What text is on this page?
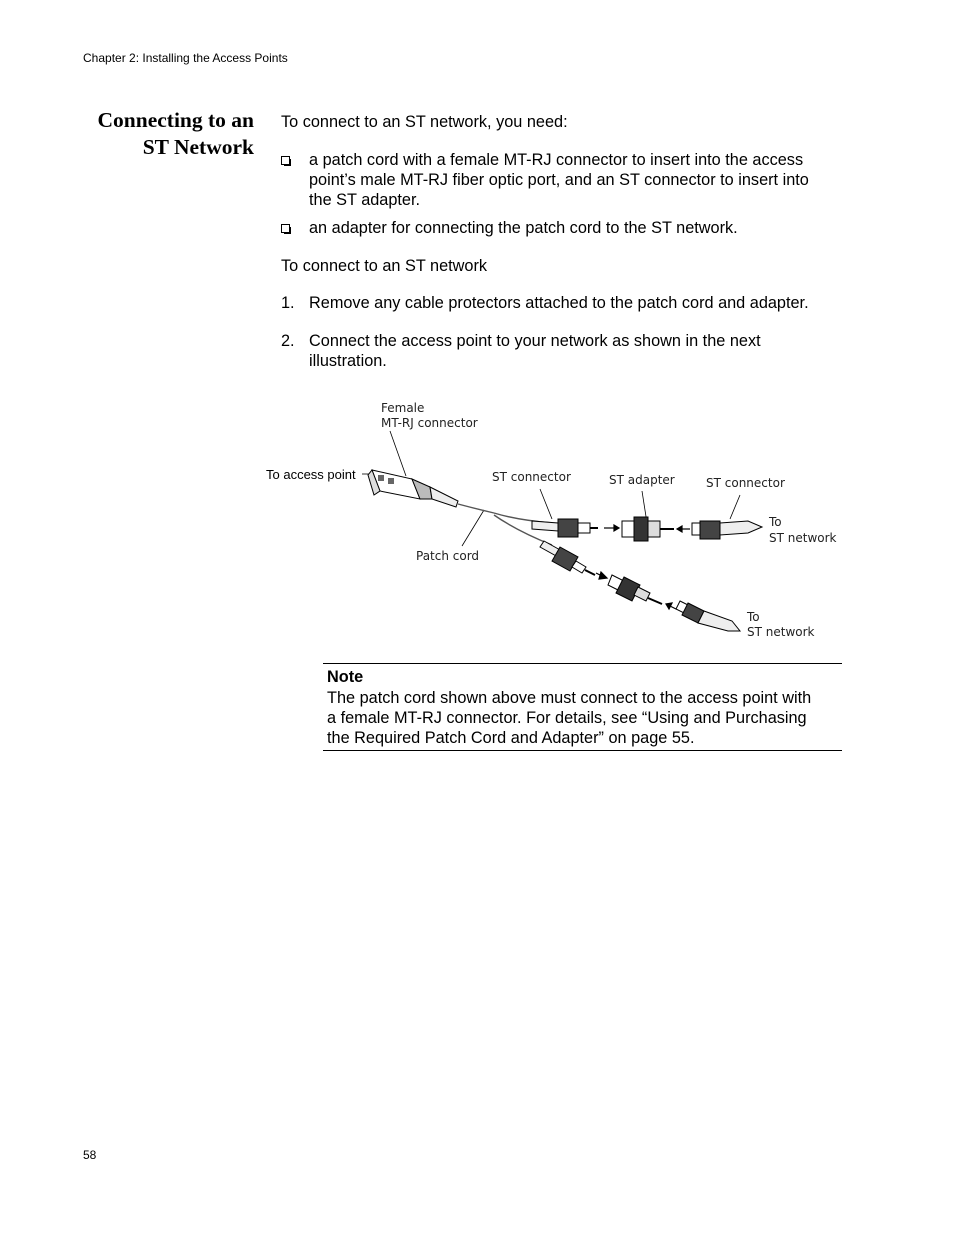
Chapter 2: Installing the Access Points
Connecting to an
ST Network
To connect to an ST network, you need:
a patch cord with a female MT-RJ connector to insert into the access
point’s male MT-RJ fiber optic port, and an ST connector to insert into
the ST adapter.
an adapter for connecting the patch cord to the ST network.
To connect to an ST network
1. Remove any cable protectors attached to the patch cord and adapter.
2. Connect the access point to your network as shown in the next
illustration.
Female
MT-RJ connector
To access point	ST connector	ST adapter	ST connector
Patch cord
To
ST network
To
ST network
Note
The patch cord shown above must connect to the access point with
a female MT-RJ connector. For details, see “Using and Purchasing
the Required Patch Cord and Adapter” on page 55.
58
